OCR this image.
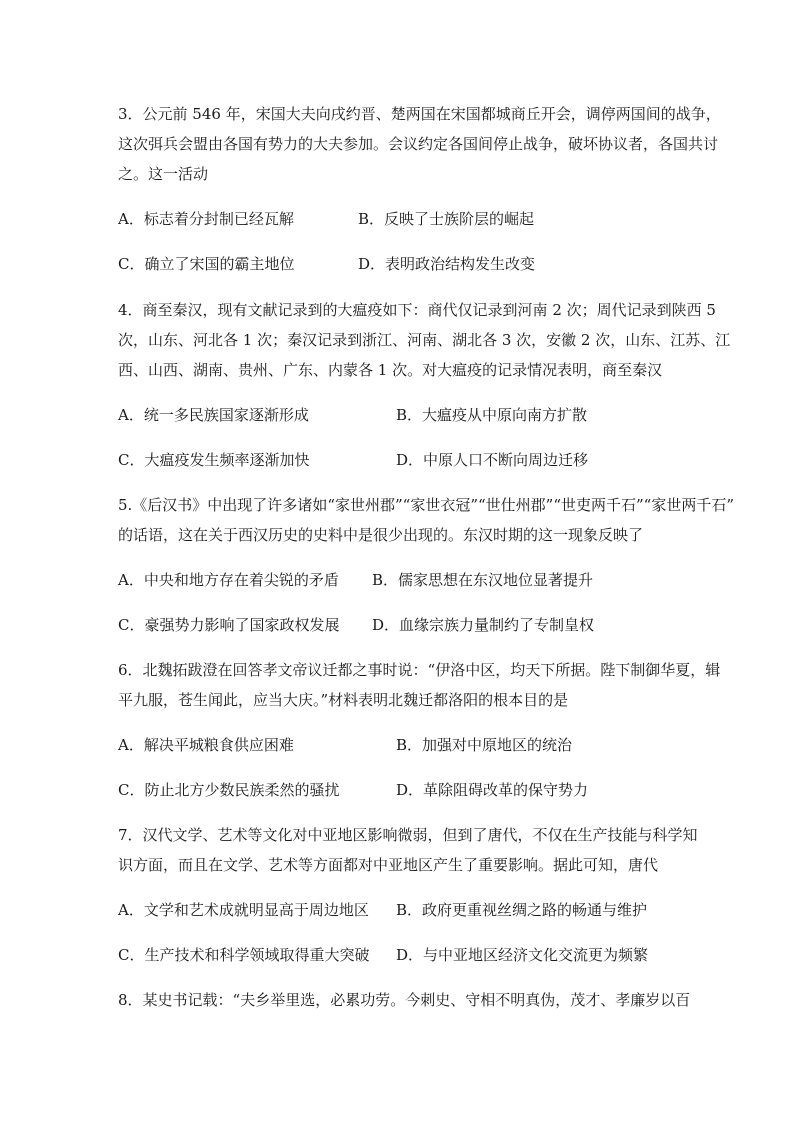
3．公元前 546 年，宋国大夫向戌约晋、楚两国在宋国都城商丘开会，调停两国间的战争，
这次弭兵会盟由各国有势力的大夫参加。会议约定各国间停止战争，破坏协议者，各国共讨
之。这一活动
A．标志着分封制已经瓦解	B．反映了士族阶层的崛起
C．确立了宋国的霸主地位	D．表明政治结构发生改变
4．商至秦汉，现有文献记录到的大瘟疫如下：商代仅记录到河南 2 次；周代记录到陕西 5
次，山东、河北各 1 次；秦汉记录到浙江、河南、湖北各 3 次，安徽 2 次，山东、江苏、江
西、山西、湖南、贵州、广东、内蒙各 1 次。对大瘟疫的记录情况表明，商至秦汉
A．统一多民族国家逐渐形成	B．大瘟疫从中原向南方扩散
C．大瘟疫发生频率逐渐加快	D．中原人口不断向周边迁移
5.《后汉书》中出现了许多诸如“家世州郡”“家世衣冠”“世仕州郡”“世吏两千石”“家世两千石”
的话语，这在关于西汉历史的史料中是很少出现的。东汉时期的这一现象反映了
A．中央和地方存在着尖锐的矛盾 B．儒家思想在东汉地位显著提升
C．豪强势力影响了国家政权发展 D．血缘宗族力量制约了专制皇权
6．北魏拓跋澄在回答孝文帝议迁都之事时说：“伊洛中区，均天下所据。陛下制御华夏，辑
平九服，苍生闻此，应当大庆。”材料表明北魏迁都洛阳的根本目的是
A．解决平城粮食供应困难	B．加强对中原地区的统治
C．防止北方少数民族柔然的骚扰	D．革除阻碍改革的保守势力
7．汉代文学、艺术等文化对中亚地区影响微弱，但到了唐代，不仅在生产技能与科学知
识方面，而且在文学、艺术等方面都对中亚地区产生了重要影响。据此可知，唐代
A．文学和艺术成就明显高于周边地区 B．政府更重视丝绸之路的畅通与维护
C．生产技术和科学领域取得重大突破 D．与中亚地区经济文化交流更为频繁
8．某史书记载：“夫乡举里选，必累功劳。今刺史、守相不明真伪，茂才、孝廉岁以百
